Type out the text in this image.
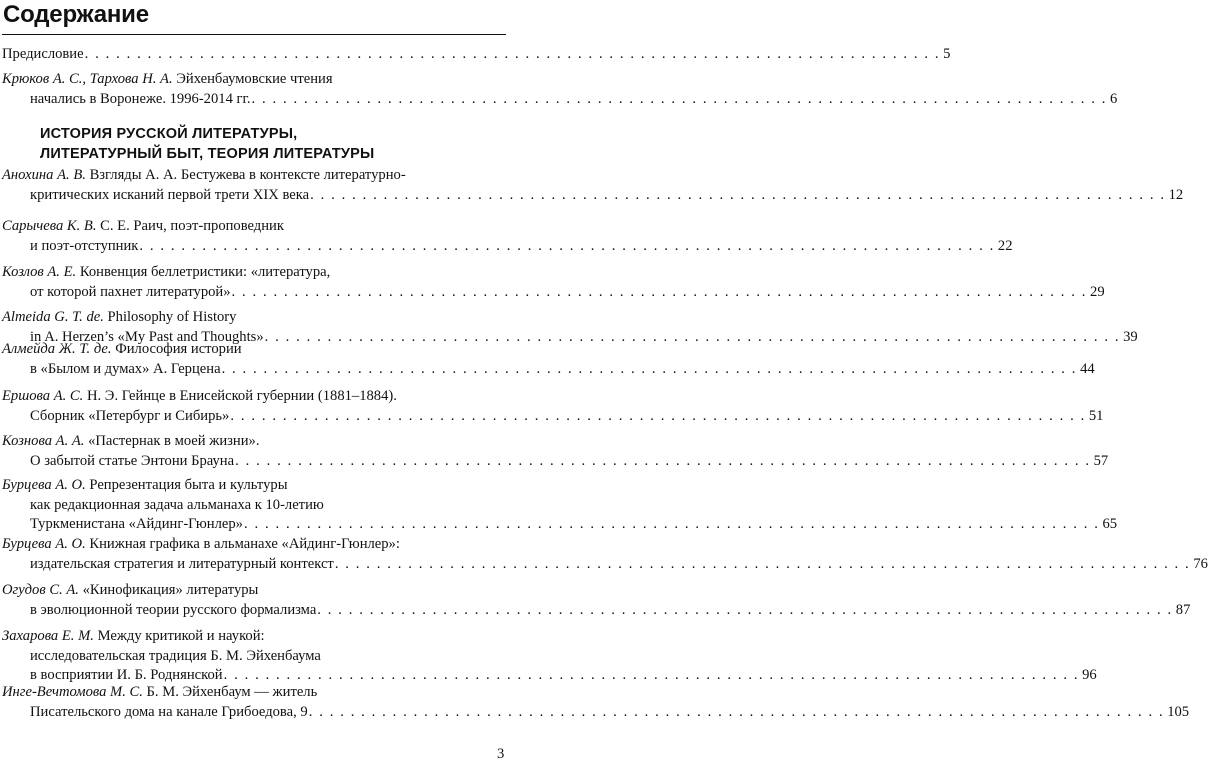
Содержание
ИСТОРИЯ РУССКОЙ ЛИТЕРАТУРЫ,
ЛИТЕРАТУРНЫЙ БЫТ, ТЕОРИЯ ЛИТЕРАТУРЫ
Предисловие . . . . . . . . . . . . . . . . . . . . . . . . . . . . . . . . . . . . . . . . . . . . . . . . . . . . . . . . . . . . . . . . . . . . . . . . . . . . . . . . . . 5
Крюков А. С., Тархова Н. А. Эйхенбаумовские чтения
начались в Воронеже. 1996-2014 гг. . . . . . . . . . . . . . . . . . . . . . . . . . . . . . . . . . . . . . . . . . . . . . . . . . . . . . . . . . . . . . . . . . . . . . . . . . . . . . . . . . . 6
Анохина А. В. Взгляды А. А. Бестужева в контексте литературно-
критических исканий первой трети XIX века . . . . . . . . . . . . . . . . . . . . . . . . . . . . . . . . . . . . . . . . . . . . . . . . . . . . . . . . . . . . . . . . . . . . . . . . . . . . . . . . . . 12
Сарычева К. В. С. Е. Раич, поэт-проповедник
и поэт-отступник . . . . . . . . . . . . . . . . . . . . . . . . . . . . . . . . . . . . . . . . . . . . . . . . . . . . . . . . . . . . . . . . . . . . . . . . . . . . . . . . . . 22
Козлов А. Е. Конвенция беллетристики: «литература,
от которой пахнет литературой» . . . . . . . . . . . . . . . . . . . . . . . . . . . . . . . . . . . . . . . . . . . . . . . . . . . . . . . . . . . . . . . . . . . . . . . . . . . . . . . . . . 29
Almeida G. T. de. Philosophy of History
in A. Herzen’s «My Past and Thoughts» . . . . . . . . . . . . . . . . . . . . . . . . . . . . . . . . . . . . . . . . . . . . . . . . . . . . . . . . . . . . . . . . . . . . . . . . . . . . . . . . . . 39
Алмейда Ж. Т. де. Философия истории
в «Былом и думах» А. Герцена . . . . . . . . . . . . . . . . . . . . . . . . . . . . . . . . . . . . . . . . . . . . . . . . . . . . . . . . . . . . . . . . . . . . . . . . . . . . . . . . . . 44
Ершова А. С. Н. Э. Гейнце в Енисейской губернии (1881–1884).
Сборник «Петербург и Сибирь» . . . . . . . . . . . . . . . . . . . . . . . . . . . . . . . . . . . . . . . . . . . . . . . . . . . . . . . . . . . . . . . . . . . . . . . . . . . . . . . . . . 51
Кознова А. А. «Пастернак в моей жизни».
О забытой статье Энтони Брауна . . . . . . . . . . . . . . . . . . . . . . . . . . . . . . . . . . . . . . . . . . . . . . . . . . . . . . . . . . . . . . . . . . . . . . . . . . . . . . . . . . 57
Бурцева А. О. Репрезентация быта и культуры
как редакционная задача альманаха к 10-летию
Туркменистана «Айдинг-Гюнлер» . . . . . . . . . . . . . . . . . . . . . . . . . . . . . . . . . . . . . . . . . . . . . . . . . . . . . . . . . . . . . . . . . . . . . . . . . . . . . . . . . . 65
Бурцева А. О. Книжная графика в альманахе «Айдинг-Гюнлер»:
издательская стратегия и литературный контекст . . . . . . . . . . . . . . . . . . . . . . . . . . . . . . . . . . . . . . . . . . . . . . . . . . . . . . . . . . . . . . . . . . . . . . . . . . . . . . . . . . 76
Огудов С. А. «Кинофикация» литературы
в эволюционной теории русского формализма . . . . . . . . . . . . . . . . . . . . . . . . . . . . . . . . . . . . . . . . . . . . . . . . . . . . . . . . . . . . . . . . . . . . . . . . . . . . . . . . . . 87
Захарова Е. М. Между критикой и наукой:
исследовательская традиция Б. М. Эйхенбаума
в восприятии И. Б. Роднянской . . . . . . . . . . . . . . . . . . . . . . . . . . . . . . . . . . . . . . . . . . . . . . . . . . . . . . . . . . . . . . . . . . . . . . . . . . . . . . . . . . 96
Инге-Вечтомова М. С. Б. М. Эйхенбаум — житель
Писательского дома на канале Грибоедова, 9 . . . . . . . . . . . . . . . . . . . . . . . . . . . . . . . . . . . . . . . . . . . . . . . . . . . . . . . . . . . . . . . . . . . . . . . . . . . . . . . . . . 105
3
